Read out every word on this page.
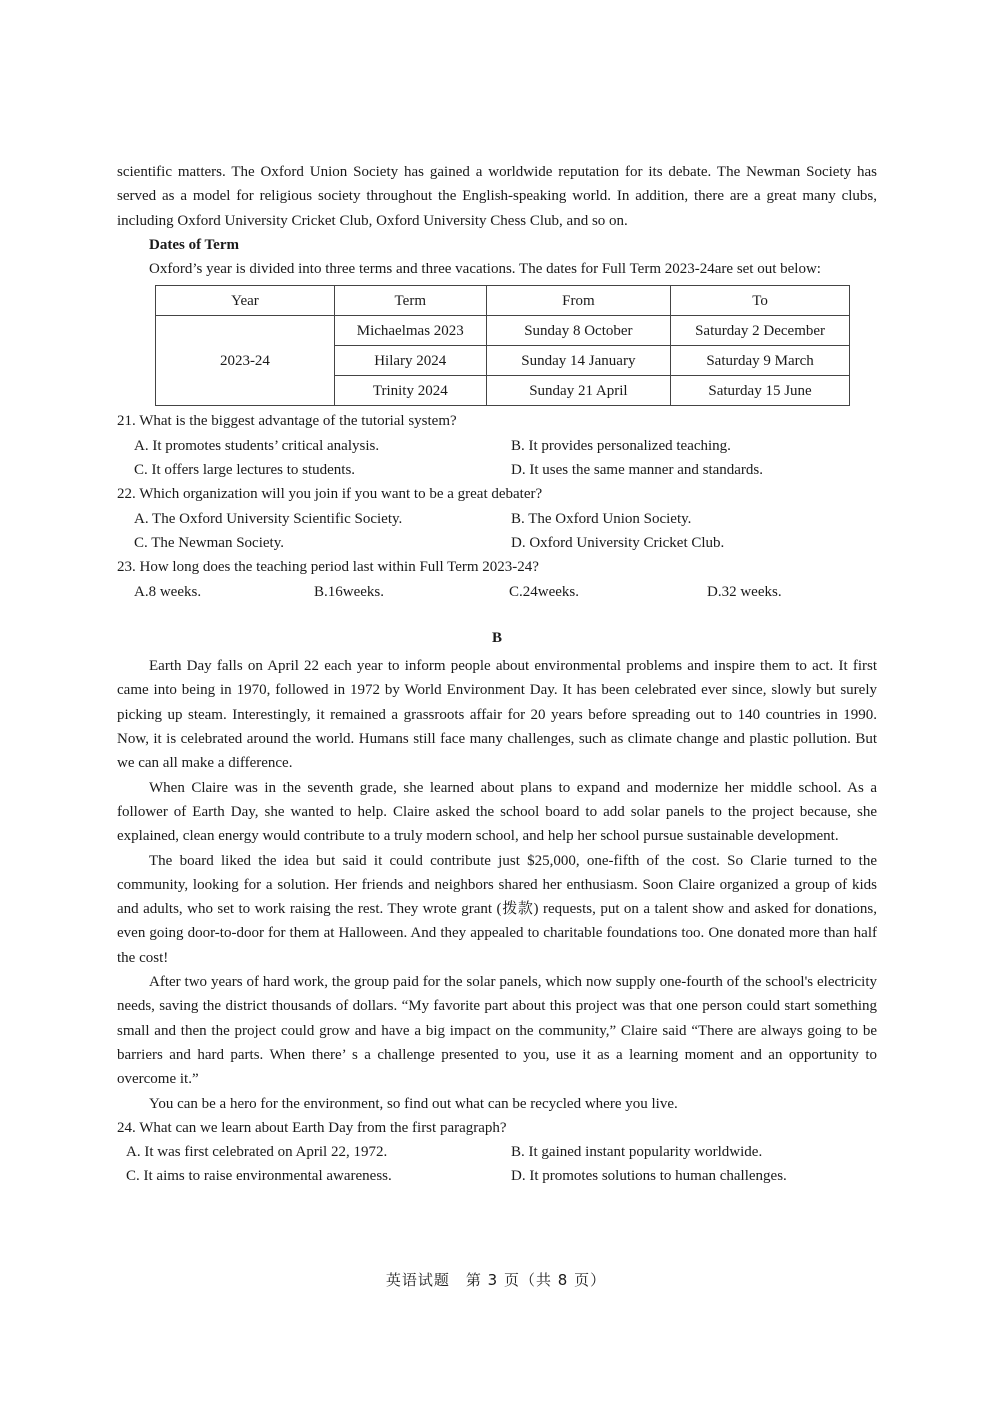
scientific matters. The Oxford Union Society has gained a worldwide reputation for its debate. The Newman Society has served as a model for religious society throughout the English-speaking world. In addition, there are a great many clubs, including Oxford University Cricket Club, Oxford University Chess Club, and so on.

Dates of Term

Oxford’s year is divided into three terms and three vacations. The dates for Full Term 2023-24are set out below:

Year	Term	From	To
2023-24	Michaelmas 2023	Sunday 8 October	Saturday 2 December
	Hilary 2024	Sunday 14 January	Saturday 9 March
	Trinity 2024	Sunday 21 April	Saturday 15 June

21. What is the biggest advantage of the tutorial system?

A. It promotes students’ critical analysis.	B. It provides personalized teaching.
C. It offers large lectures to students.	D. It uses the same manner and standards.

22. Which organization will you join if you want to be a great debater?

A. The Oxford University Scientific Society.	B. The Oxford Union Society.
C. The Newman Society.	D. Oxford University Cricket Club.

23. How long does the teaching period last within Full Term 2023-24?

A.8 weeks.	B.16weeks.	C.24weeks.	D.32 weeks.

B

Earth Day falls on April 22 each year to inform people about environmental problems and inspire them to act. It first came into being in 1970, followed in 1972 by World Environment Day. It has been celebrated ever since, slowly but surely picking up steam. Interestingly, it remained a grassroots affair for 20 years before spreading out to 140 countries in 1990. Now, it is celebrated around the world. Humans still face many challenges, such as climate change and plastic pollution. But we can all make a difference.

When Claire was in the seventh grade, she learned about plans to expand and modernize her middle school. As a follower of Earth Day, she wanted to help. Claire asked the school board to add solar panels to the project because, she explained, clean energy would contribute to a truly modern school, and help her school pursue sustainable development.

The board liked the idea but said it could contribute just $25,000, one-fifth of the cost. So Clarie turned to the community, looking for a solution. Her friends and neighbors shared her enthusiasm. Soon Claire organized a group of kids and adults, who set to work raising the rest. They wrote grant (拨款) requests, put on a talent show and asked for donations, even going door-to-door for them at Halloween. And they appealed to charitable foundations too. One donated more than half the cost!

After two years of hard work, the group paid for the solar panels, which now supply one-fourth of the school's electricity needs, saving the district thousands of dollars. “My favorite part about this project was that one person could start something small and then the project could grow and have a big impact on the community,” Claire said “There are always going to be barriers and hard parts. When there’ s a challenge presented to you, use it as a learning moment and an opportunity to overcome it.”

You can be a hero for the environment, so find out what can be recycled where you live.

24. What can we learn about Earth Day from the first paragraph?

A. It was first celebrated on April 22, 1972.	B. It gained instant popularity worldwide.
C. It aims to raise environmental awareness.	D. It promotes solutions to human challenges.
英语试题　第 3 页（共 8 页）
